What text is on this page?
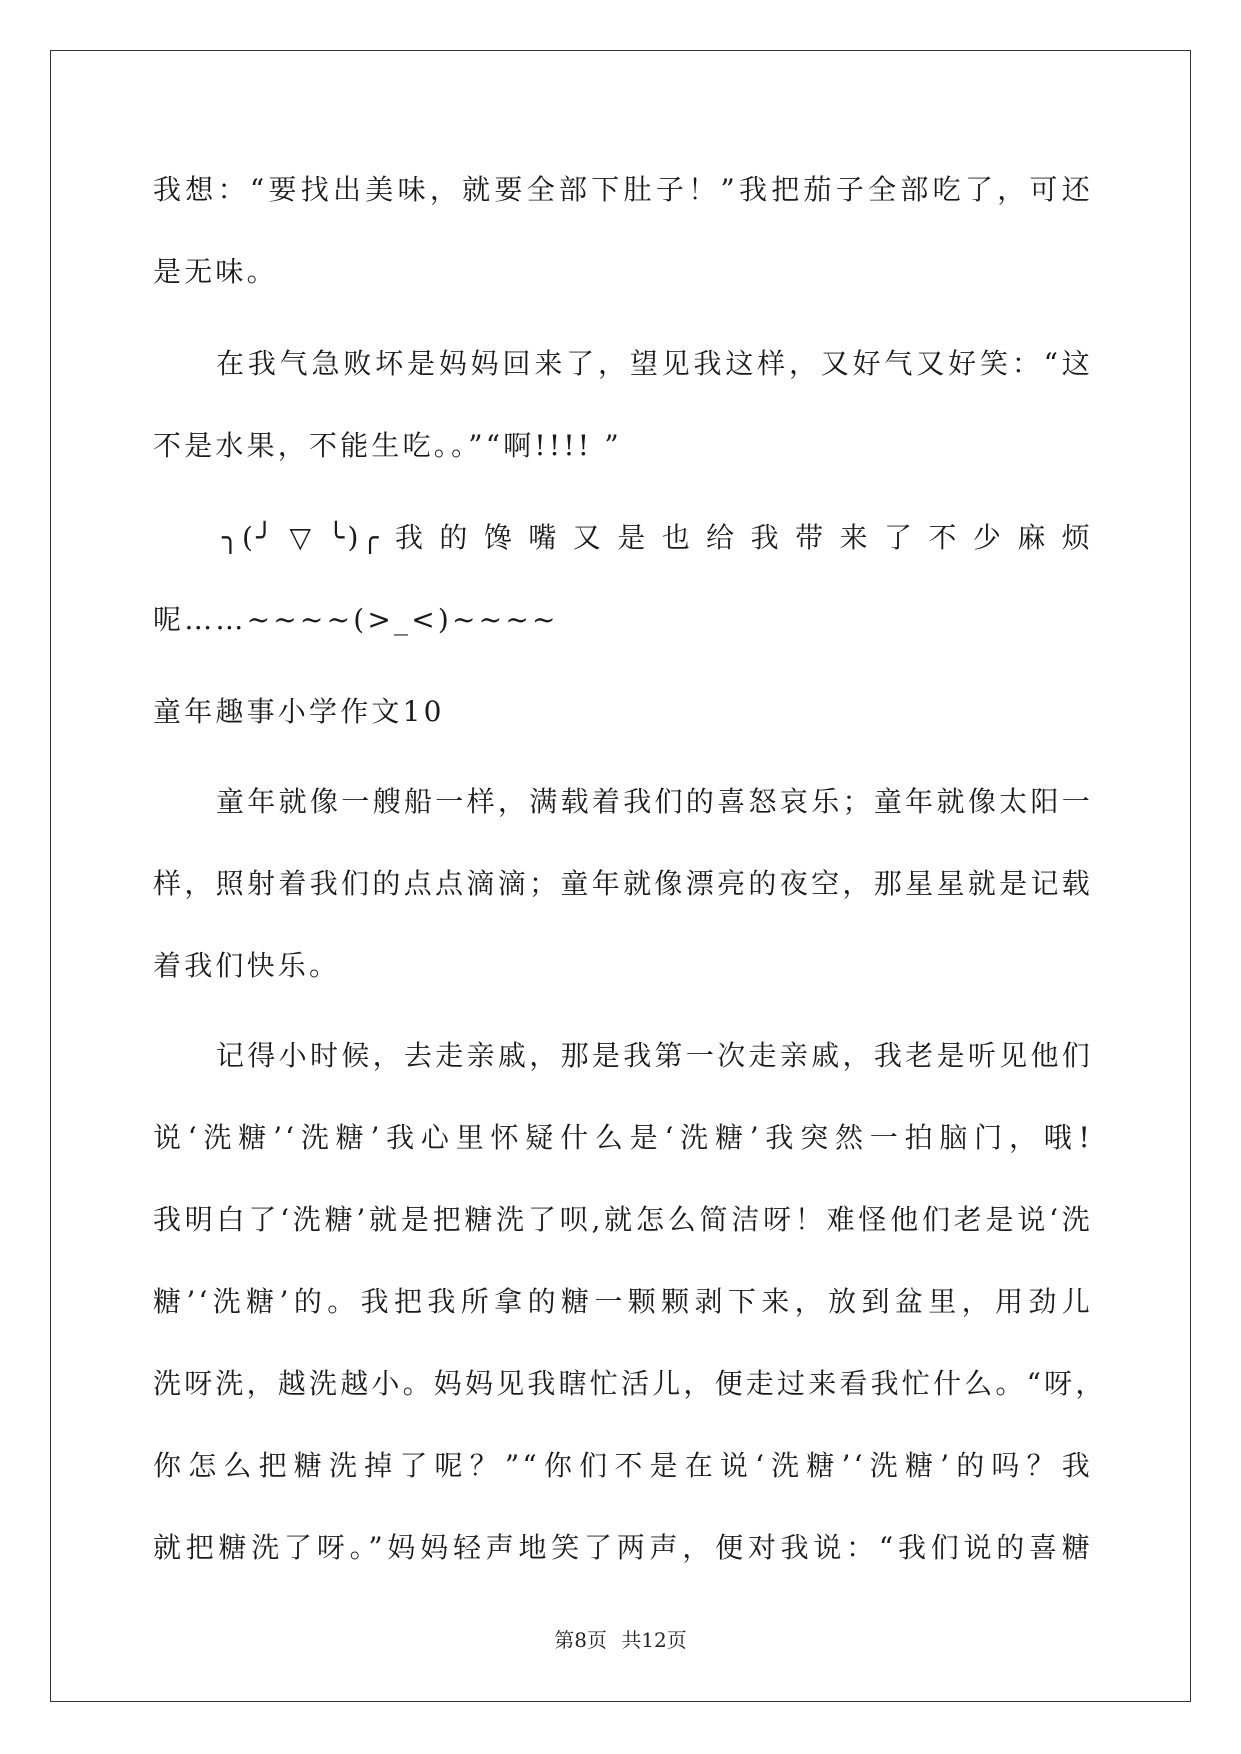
我想：“要找出美味，就要全部下肚子！”我把茄子全部吃了，可还
是无味。
在我气急败坏是妈妈回来了，望见我这样，又好气又好笑：“这
不是水果，不能生吃。。”“啊!!!! ”
╮(╯▽╰)╭我的馋嘴又是也给我带来了不少麻烦
呢……~~~~(>_<)~~~~
童年趣事小学作文10
童年就像一艘船一样，满载着我们的喜怒哀乐；童年就像太阳一
样，照射着我们的点点滴滴；童年就像漂亮的夜空，那星星就是记载
着我们快乐。
记得小时候，去走亲戚，那是我第一次走亲戚，我老是听见他们
说‘洗糖’‘洗糖’我心里怀疑什么是‘洗糖’我突然一拍脑门，哦!
我明白了‘洗糖’就是把糖洗了呗,就怎么简洁呀！难怪他们老是说‘洗
糖’‘洗糖’的。我把我所拿的糖一颗颗剥下来，放到盆里，用劲儿
洗呀洗，越洗越小。妈妈见我瞎忙活儿，便走过来看我忙什么。“呀，
你怎么把糖洗掉了呢？”“你们不是在说‘洗糖’‘洗糖’的吗？我
就把糖洗了呀。”妈妈轻声地笑了两声，便对我说：“我们说的喜糖
第8页 共12页
